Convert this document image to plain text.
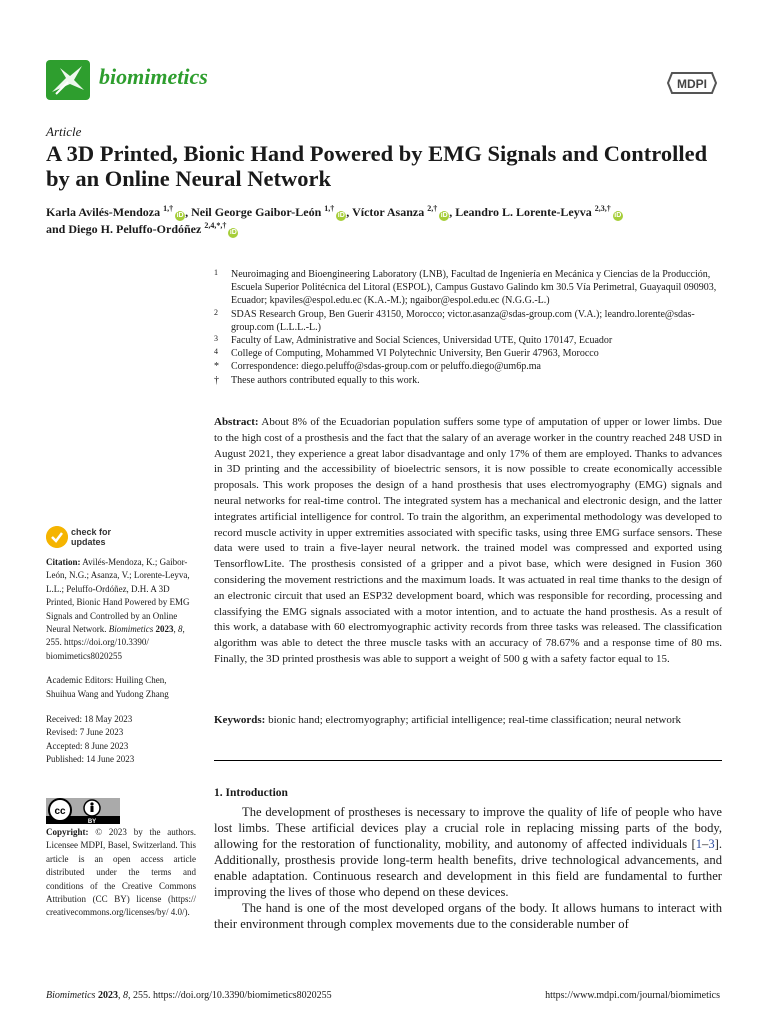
biomimetics	MDPI
Article
A 3D Printed, Bionic Hand Powered by EMG Signals and Controlled by an Online Neural Network
Karla Avilés-Mendoza $^{1,\dagger}$iD , Neil George Gaibor-León $^{1,\dagger}$iD , Víctor Asanza $^{2,\dagger}$iD , Leandro L. Lorente-Leyva $^{2,3,\dagger}$iD
and Diego H. Peluffo-Ordóñez $^{2,4,*,\dagger}$iD
1 Neuroimaging and Bioengineering Laboratory (LNB), Facultad de Ingeniería en Mecánica y Ciencias de la Producción, Escuela Superior Politécnica del Litoral (ESPOL), Campus Gustavo Galindo km 30.5 Vía Perimetral, Guayaquil 090903, Ecuador; kpaviles@espol.edu.ec (K.A.-M.); ngaibor@espol.edu.ec (N.G.G.-L.)
2 SDAS Research Group, Ben Guerir 43150, Morocco; victor.asanza@sdas-group.com (V.A.); leandro.lorente@sdas-group.com (L.L.L.-L.)
3 Faculty of Law, Administrative and Social Sciences, Universidad UTE, Quito 170147, Ecuador
4 College of Computing, Mohammed VI Polytechnic University, Ben Guerir 47963, Morocco
* Correspondence: diego.peluffo@sdas-group.com or peluffo.diego@um6p.ma
† These authors contributed equally to this work.
Abstract: About 8% of the Ecuadorian population suffers some type of amputation of upper or lower limbs. Due to the high cost of a prosthesis and the fact that the salary of an average worker in the country reached 248 USD in August 2021, they experience a great labor disadvantage and only 17% of them are employed. Thanks to advances in 3D printing and the accessibility of bioelectric sensors, it is now possible to create economically accessible proposals. This work proposes the design of a hand prosthesis that uses electromyography (EMG) signals and neural networks for real-time control. The integrated system has a mechanical and electronic design, and the latter integrates artificial intelligence for control. To train the algorithm, an experimental methodology was developed to record muscle activity in upper extremities associated with specific tasks, using three EMG surface sensors. These data were used to train a five-layer neural network. the trained model was compressed and exported using TensorflowLite. The prosthesis consisted of a gripper and a pivot base, which were designed in Fusion 360 considering the movement restrictions and the maximum loads. It was actuated in real time thanks to the design of an electronic circuit that used an ESP32 development board, which was responsible for recording, processing and classifying the EMG signals associated with a motor intention, and to actuate the hand prosthesis. As a result of this work, a database with 60 electromyographic activity records from three tasks was released. The classification algorithm was able to detect the three muscle tasks with an accuracy of 78.67% and a response time of 80 ms. Finally, the 3D printed prosthesis was able to support a weight of 500 g with a safety factor equal to 15.
Keywords: bionic hand; electromyography; artificial intelligence; real-time classification; neural network
1. Introduction

The development of prostheses is necessary to improve the quality of life of people who have lost limbs. These artificial devices play a crucial role in replacing missing parts of the body, allowing for the restoration of functionality, mobility, and autonomy of affected individuals [1–3]. Additionally, prosthesis provide long-term health benefits, drive technological advancements, and enable adaptation. Continuous research and development in this field are fundamental to further improving the lives of those who depend on these devices.

The hand is one of the most developed organs of the body. It allows humans to interact with their environment through complex movements due to the considerable number of

check for
updates
Citation: Avilés-Mendoza, K.; Gaibor-León, N.G.; Asanza, V.; Lorente-Leyva, L.L.; Peluffo-Ordóñez, D.H. A 3D Printed, Bionic Hand Powered by EMG Signals and Controlled by an Online Neural Network. Biomimetics 2023, 8, 255. https://doi.org/10.3390/ biomimetics8020255
Academic Editors: Huiling Chen, Shuihua Wang and Yudong Zhang
Received: 18 May 2023
Revised: 7 June 2023
Accepted: 8 June 2023
Published: 14 June 2023
cc
BY
Copyright: © 2023 by the authors. Licensee MDPI, Basel, Switzerland. This article is an open access article distributed under the terms and conditions of the Creative Commons Attribution (CC BY) license (https:// creativecommons.org/licenses/by/ 4.0/).
Biomimetics 2023, 8, 255. https://doi.org/10.3390/biomimetics8020255	https://www.mdpi.com/journal/biomimetics
